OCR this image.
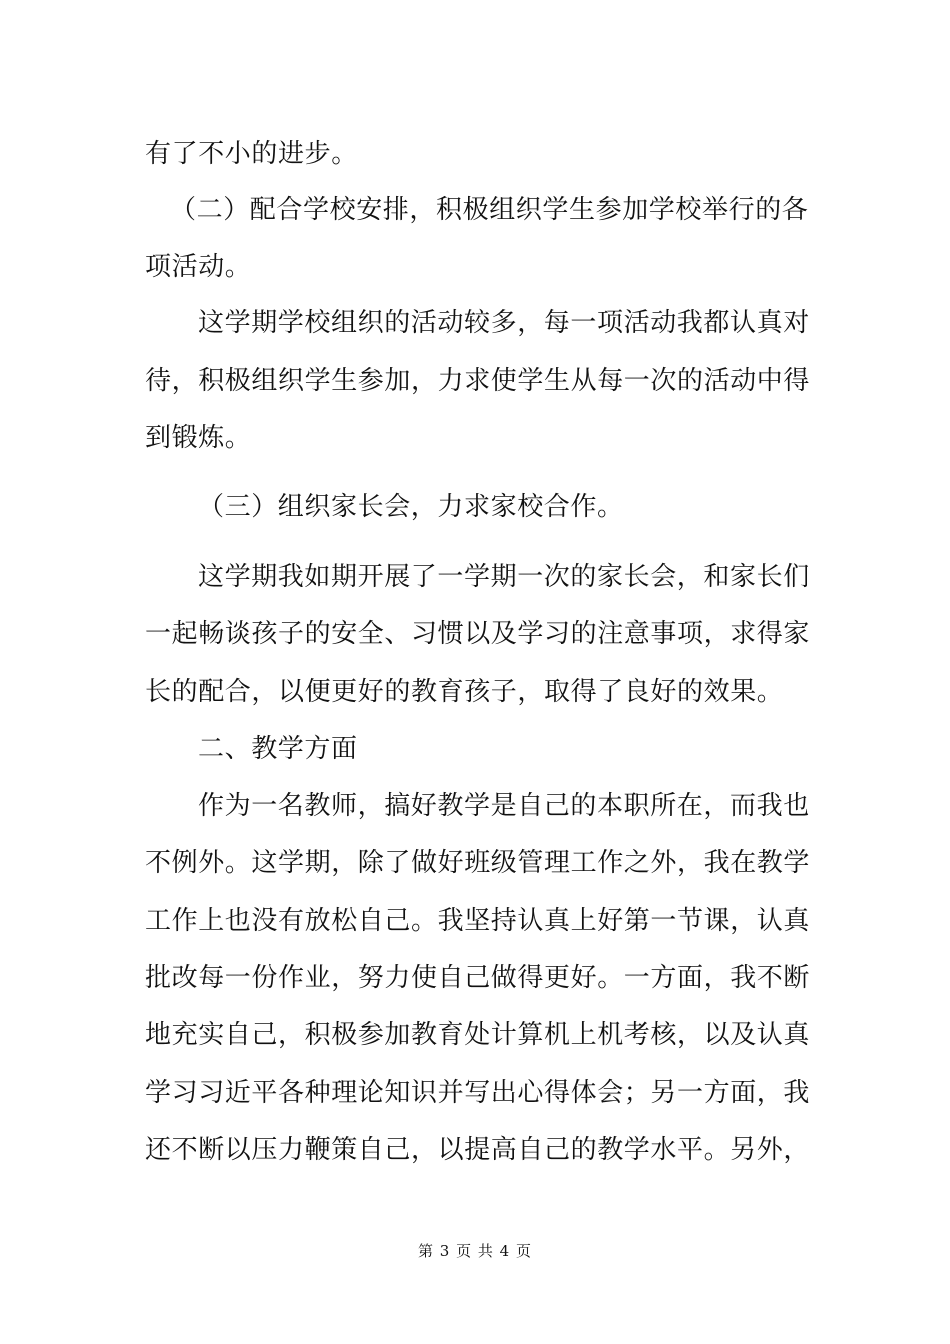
有了不小的进步。
（二）配合学校安排，积极组织学生参加学校举行的各
项活动。
这学期学校组织的活动较多，每一项活动我都认真对
待，积极组织学生参加，力求使学生从每一次的活动中得
到锻炼。
（三）组织家长会，力求家校合作。
这学期我如期开展了一学期一次的家长会，和家长们
一起畅谈孩子的安全、习惯以及学习的注意事项，求得家
长的配合，以便更好的教育孩子，取得了良好的效果。
二、教学方面
作为一名教师，搞好教学是自己的本职所在，而我也
不例外。这学期，除了做好班级管理工作之外，我在教学
工作上也没有放松自己。我坚持认真上好第一节课，认真
批改每一份作业，努力使自己做得更好。一方面，我不断
地充实自己，积极参加教育处计算机上机考核，以及认真
学习习近平各种理论知识并写出心得体会；另一方面，我
还不断以压力鞭策自己，以提高自己的教学水平。另外，
第 3 页 共 4 页
